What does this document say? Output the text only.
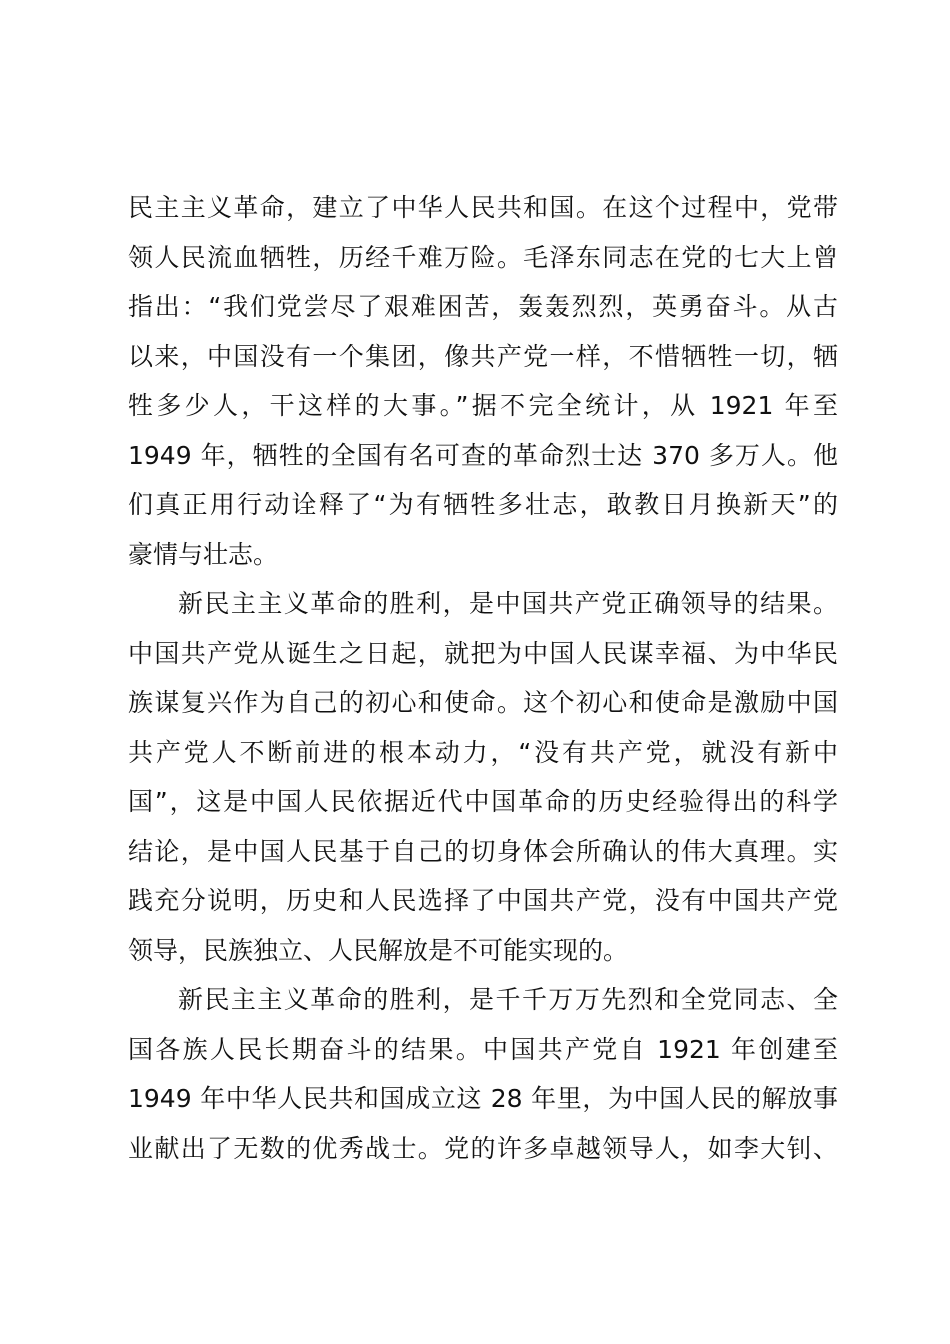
民主主义革命，建立了中华人民共和国。在这个过程中，党带
领人民流血牺牲，历经千难万险。毛泽东同志在党的七大上曾
指出：“我们党尝尽了艰难困苦，轰轰烈烈，英勇奋斗。从古
以来，中国没有一个集团，像共产党一样，不惜牺牲一切，牺
牲多少人，干这样的大事。”据不完全统计，从 1921 年至
1949 年，牺牲的全国有名可查的革命烈士达 370 多万人。他
们真正用行动诠释了“为有牺牲多壮志，敢教日月换新天”的
豪情与壮志。
新民主主义革命的胜利，是中国共产党正确领导的结果。
中国共产党从诞生之日起，就把为中国人民谋幸福、为中华民
族谋复兴作为自己的初心和使命。这个初心和使命是激励中国
共产党人不断前进的根本动力，“没有共产党，就没有新中
国”，这是中国人民依据近代中国革命的历史经验得出的科学
结论，是中国人民基于自己的切身体会所确认的伟大真理。实
践充分说明，历史和人民选择了中国共产党，没有中国共产党
领导，民族独立、人民解放是不可能实现的。
新民主主义革命的胜利，是千千万万先烈和全党同志、全
国各族人民长期奋斗的结果。中国共产党自 1921 年创建至
1949 年中华人民共和国成立这 28 年里，为中国人民的解放事
业献出了无数的优秀战士。党的许多卓越领导人，如李大钊、
